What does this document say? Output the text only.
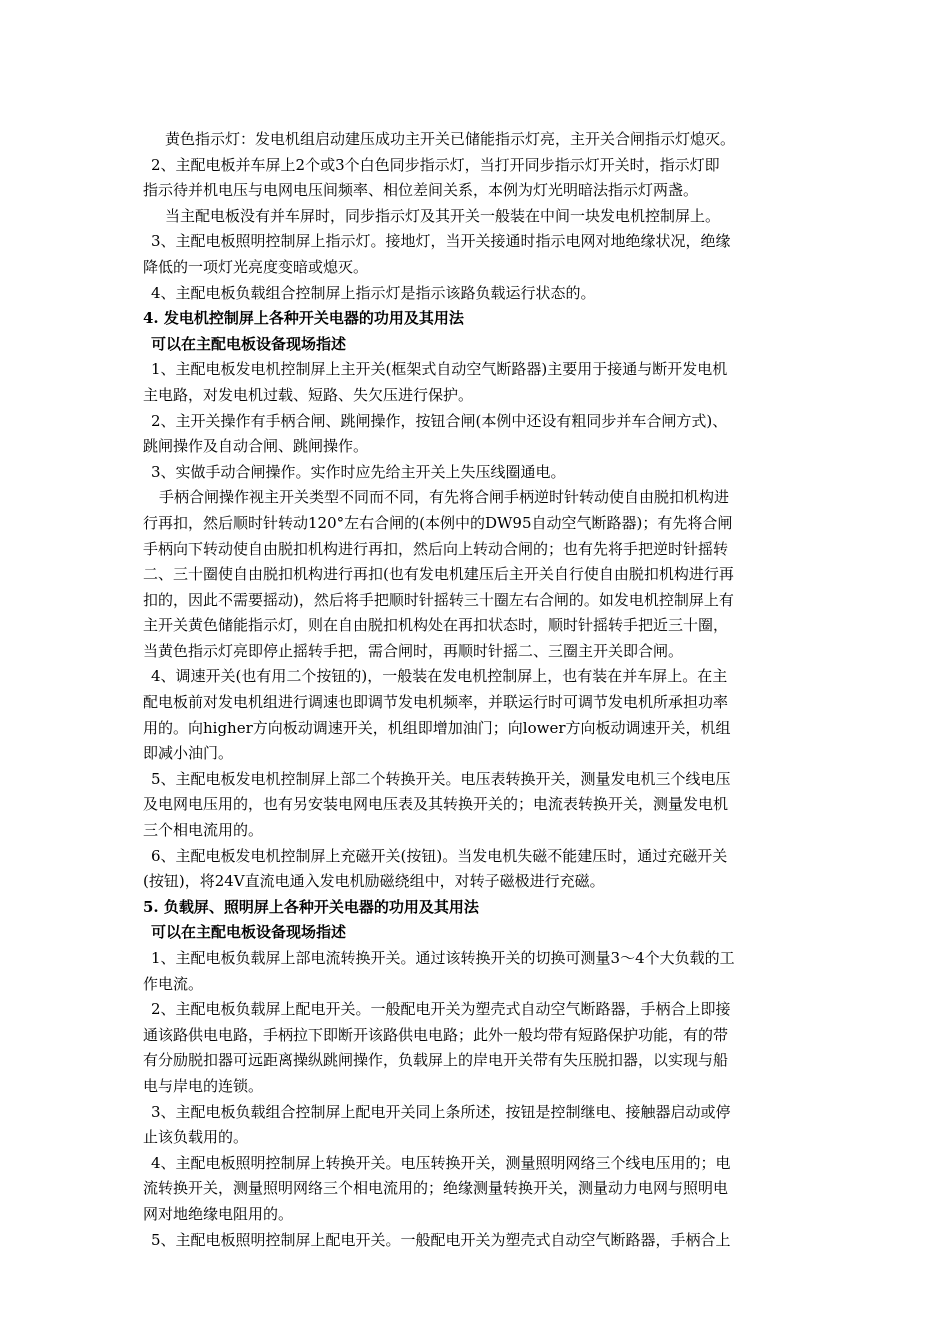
黄色指示灯：发电机组启动建压成功主开关已储能指示灯亮，主开关合闸指示灯熄灭。
2、主配电板并车屏上2个或3个白色同步指示灯，当打开同步指示灯开关时，指示灯即
指示待并机电压与电网电压间频率、相位差间关系，本例为灯光明暗法指示灯两盏。
当主配电板没有并车屏时，同步指示灯及其开关一般装在中间一块发电机控制屏上。
3、主配电板照明控制屏上指示灯。接地灯，当开关接通时指示电网对地绝缘状况，绝缘
降低的一项灯光亮度变暗或熄灭。
4、主配电板负载组合控制屏上指示灯是指示该路负载运行状态的。
4. 发电机控制屏上各种开关电器的功用及其用法
可以在主配电板设备现场指述
1、主配电板发电机控制屏上主开关(框架式自动空气断路器)主要用于接通与断开发电机
主电路，对发电机过载、短路、失欠压进行保护。
2、主开关操作有手柄合闸、跳闸操作，按钮合闸(本例中还设有粗同步并车合闸方式)、
跳闸操作及自动合闸、跳闸操作。
3、实做手动合闸操作。实作时应先给主开关上失压线圈通电。
手柄合闸操作视主开关类型不同而不同，有先将合闸手柄逆时针转动使自由脱扣机构进
行再扣，然后顺时针转动120°左右合闸的(本例中的DW95自动空气断路器)；有先将合闸
手柄向下转动使自由脱扣机构进行再扣，然后向上转动合闸的；也有先将手把逆时针摇转
二、三十圈使自由脱扣机构进行再扣(也有发电机建压后主开关自行使自由脱扣机构进行再
扣的，因此不需要摇动)，然后将手把顺时针摇转三十圈左右合闸的。如发电机控制屏上有
主开关黄色储能指示灯，则在自由脱扣机构处在再扣状态时，顺时针摇转手把近三十圈，
当黄色指示灯亮即停止摇转手把，需合闸时，再顺时针摇二、三圈主开关即合闸。
4、调速开关(也有用二个按钮的)，一般装在发电机控制屏上，也有装在并车屏上。在主
配电板前对发电机组进行调速也即调节发电机频率，并联运行时可调节发电机所承担功率
用的。向higher方向板动调速开关，机组即增加油门；向lower方向板动调速开关，机组
即减小油门。
5、主配电板发电机控制屏上部二个转换开关。电压表转换开关，测量发电机三个线电压
及电网电压用的，也有另安装电网电压表及其转换开关的；电流表转换开关，测量发电机
三个相电流用的。
6、主配电板发电机控制屏上充磁开关(按钮)。当发电机失磁不能建压时，通过充磁开关
(按钮)，将24V直流电通入发电机励磁绕组中，对转子磁极进行充磁。
5. 负载屏、照明屏上各种开关电器的功用及其用法
可以在主配电板设备现场指述
1、主配电板负载屏上部电流转换开关。通过该转换开关的切换可测量3～4个大负载的工
作电流。
2、主配电板负载屏上配电开关。一般配电开关为塑壳式自动空气断路器，手柄合上即接
通该路供电电路，手柄拉下即断开该路供电电路；此外一般均带有短路保护功能，有的带
有分励脱扣器可远距离操纵跳闸操作，负载屏上的岸电开关带有失压脱扣器，以实现与船
电与岸电的连锁。
3、主配电板负载组合控制屏上配电开关同上条所述，按钮是控制继电、接触器启动或停
止该负载用的。
4、主配电板照明控制屏上转换开关。电压转换开关，测量照明网络三个线电压用的；电
流转换开关，测量照明网络三个相电流用的；绝缘测量转换开关，测量动力电网与照明电
网对地绝缘电阻用的。
5、主配电板照明控制屏上配电开关。一般配电开关为塑壳式自动空气断路器，手柄合上
